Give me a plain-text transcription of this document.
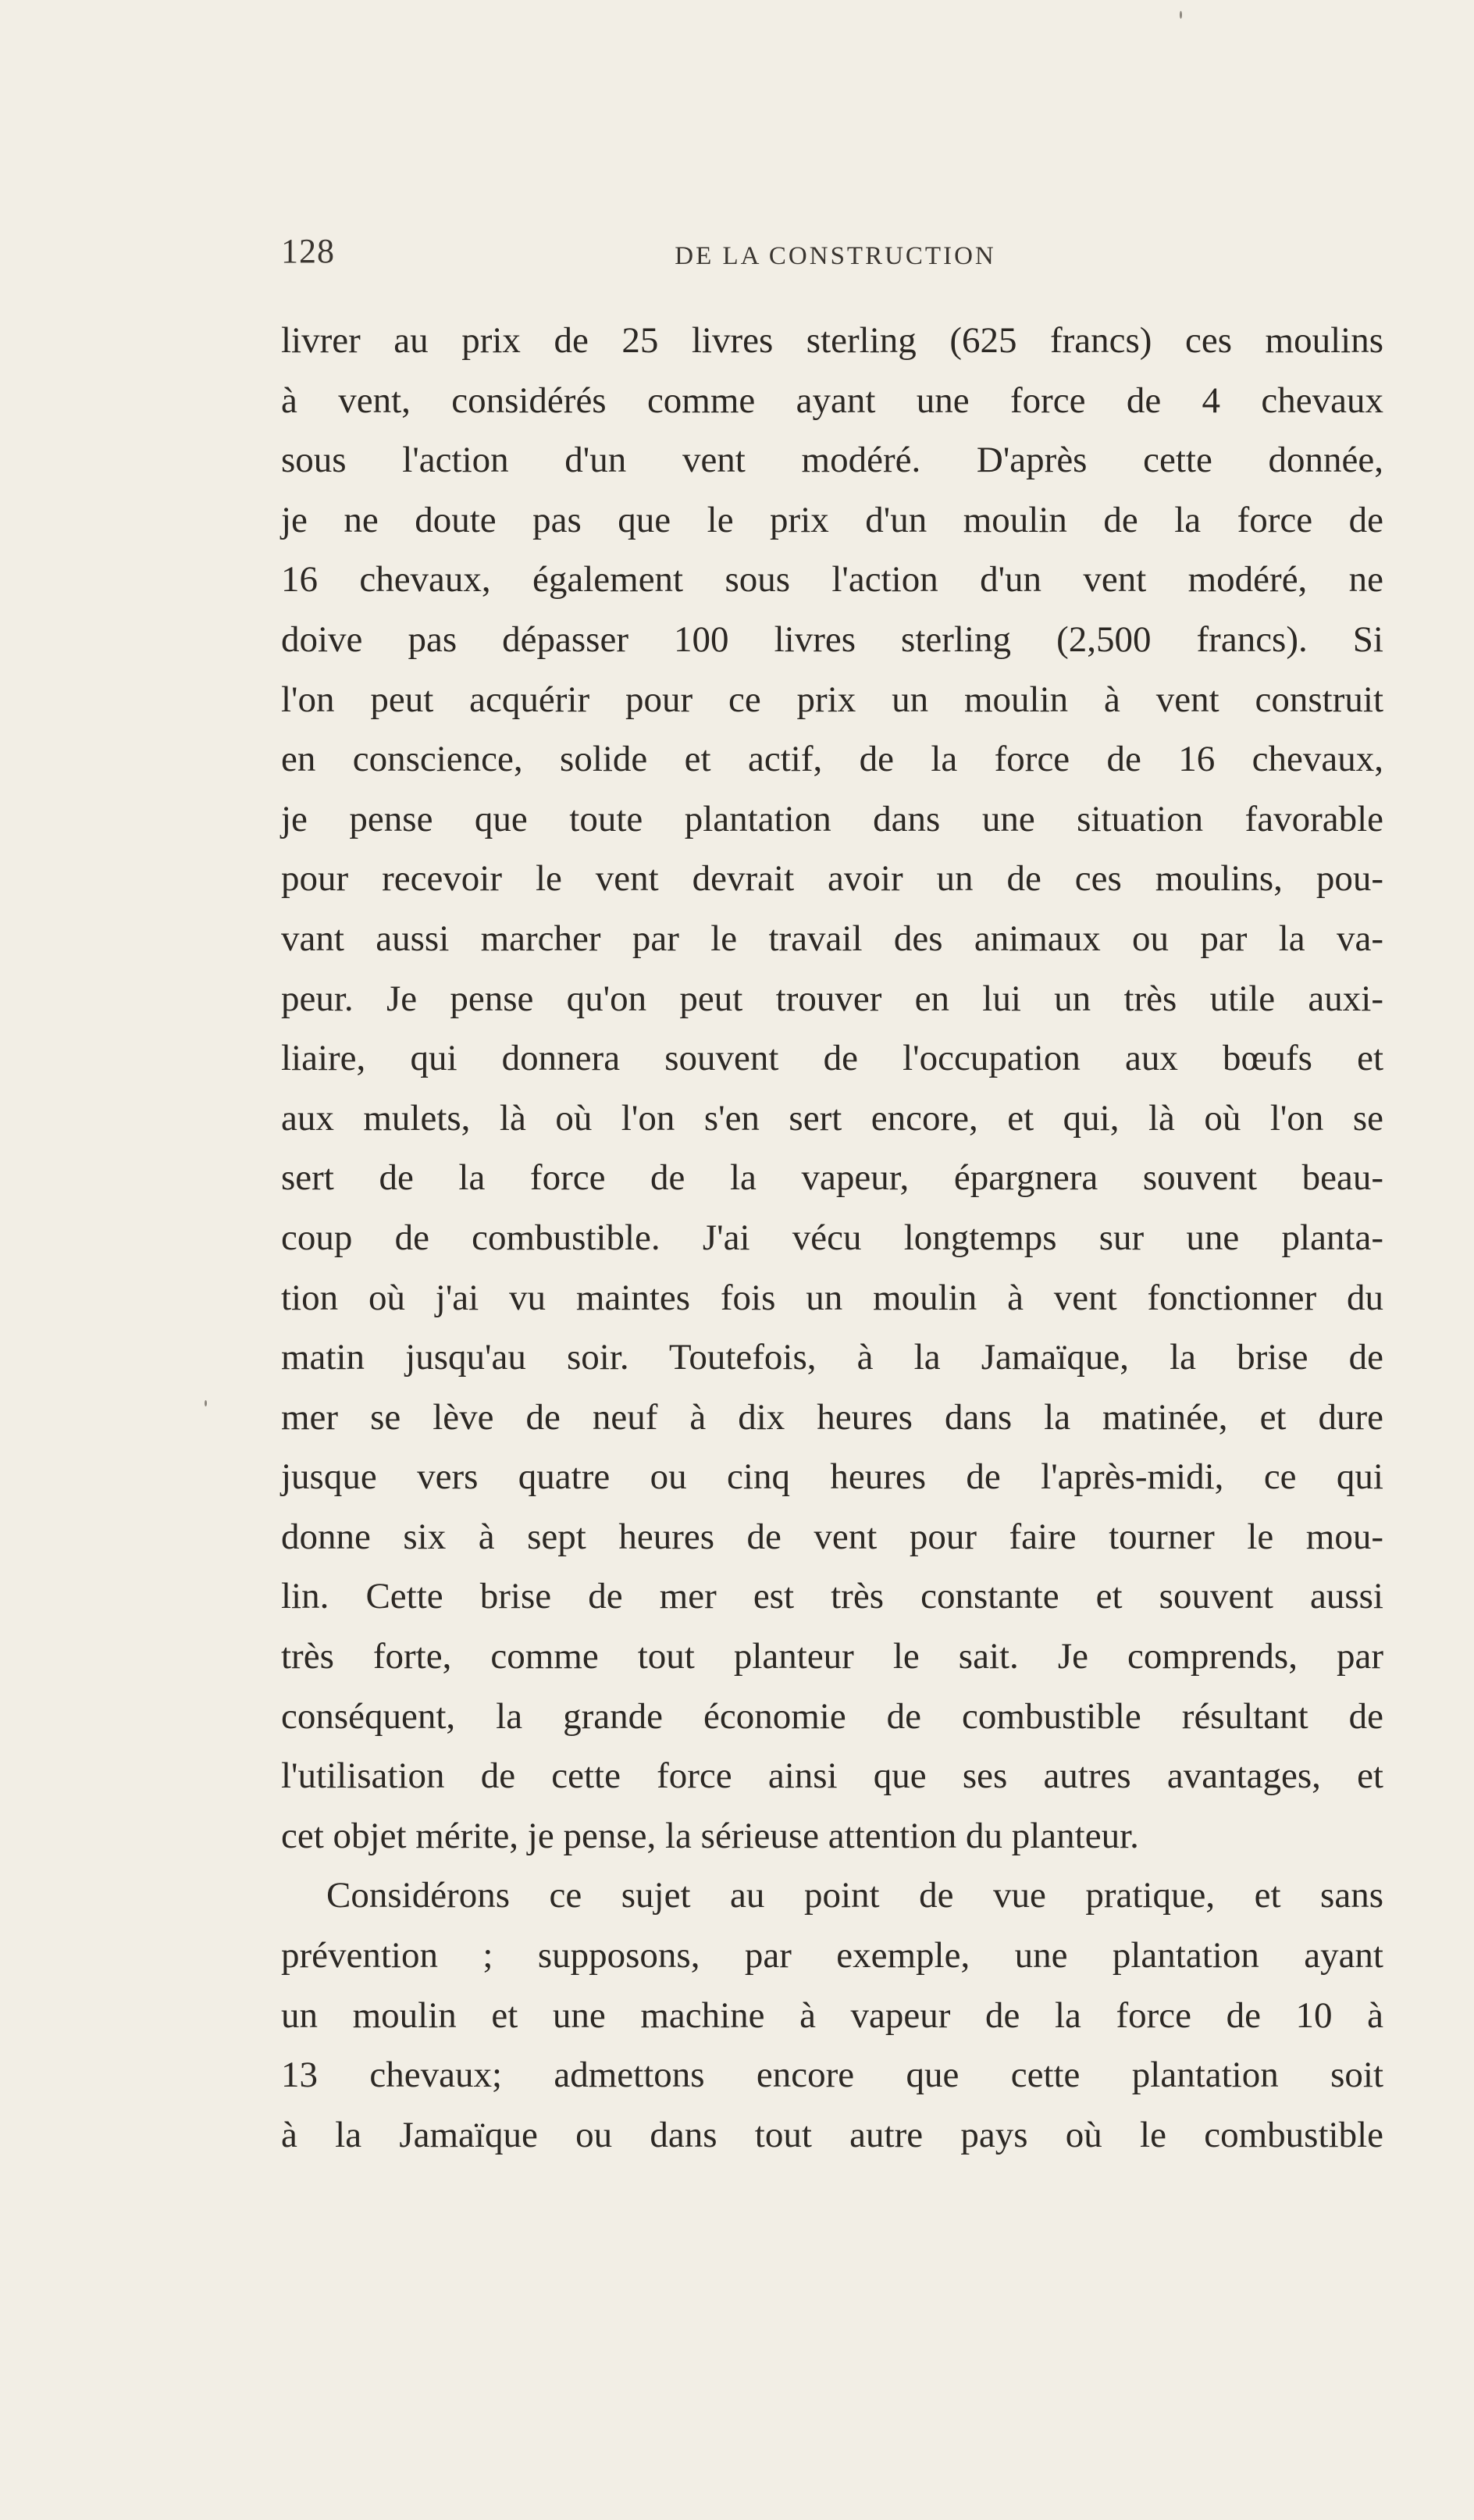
128	DE LA CONSTRUCTION
livrer au prix de 25 livres sterling (625 francs) ces moulins
à vent, considérés comme ayant une force de 4 chevaux
sous l'action d'un vent modéré. D'après cette donnée,
je ne doute pas que le prix d'un moulin de la force de
16 chevaux, également sous l'action d'un vent modéré, ne
doive pas dépasser 100 livres sterling (2,500 francs). Si
l'on peut acquérir pour ce prix un moulin à vent construit
en conscience, solide et actif, de la force de 16 chevaux,
je pense que toute plantation dans une situation favorable
pour recevoir le vent devrait avoir un de ces moulins, pou-
vant aussi marcher par le travail des animaux ou par la va-
peur. Je pense qu'on peut trouver en lui un très utile auxi-
liaire, qui donnera souvent de l'occupation aux bœufs et
aux mulets, là où l'on s'en sert encore, et qui, là où l'on se
sert de la force de la vapeur, épargnera souvent beau-
coup de combustible. J'ai vécu longtemps sur une planta-
tion où j'ai vu maintes fois un moulin à vent fonctionner du
matin jusqu'au soir. Toutefois, à la Jamaïque, la brise de
mer se lève de neuf à dix heures dans la matinée, et dure
jusque vers quatre ou cinq heures de l'après-midi, ce qui
donne six à sept heures de vent pour faire tourner le mou-
lin. Cette brise de mer est très constante et souvent aussi
très forte, comme tout planteur le sait. Je comprends, par
conséquent, la grande économie de combustible résultant de
l'utilisation de cette force ainsi que ses autres avantages, et
cet objet mérite, je pense, la sérieuse attention du planteur.
Considérons ce sujet au point de vue pratique, et sans
prévention ; supposons, par exemple, une plantation ayant
un moulin et une machine à vapeur de la force de 10 à
13 chevaux; admettons encore que cette plantation soit
à la Jamaïque ou dans tout autre pays où le combustible
